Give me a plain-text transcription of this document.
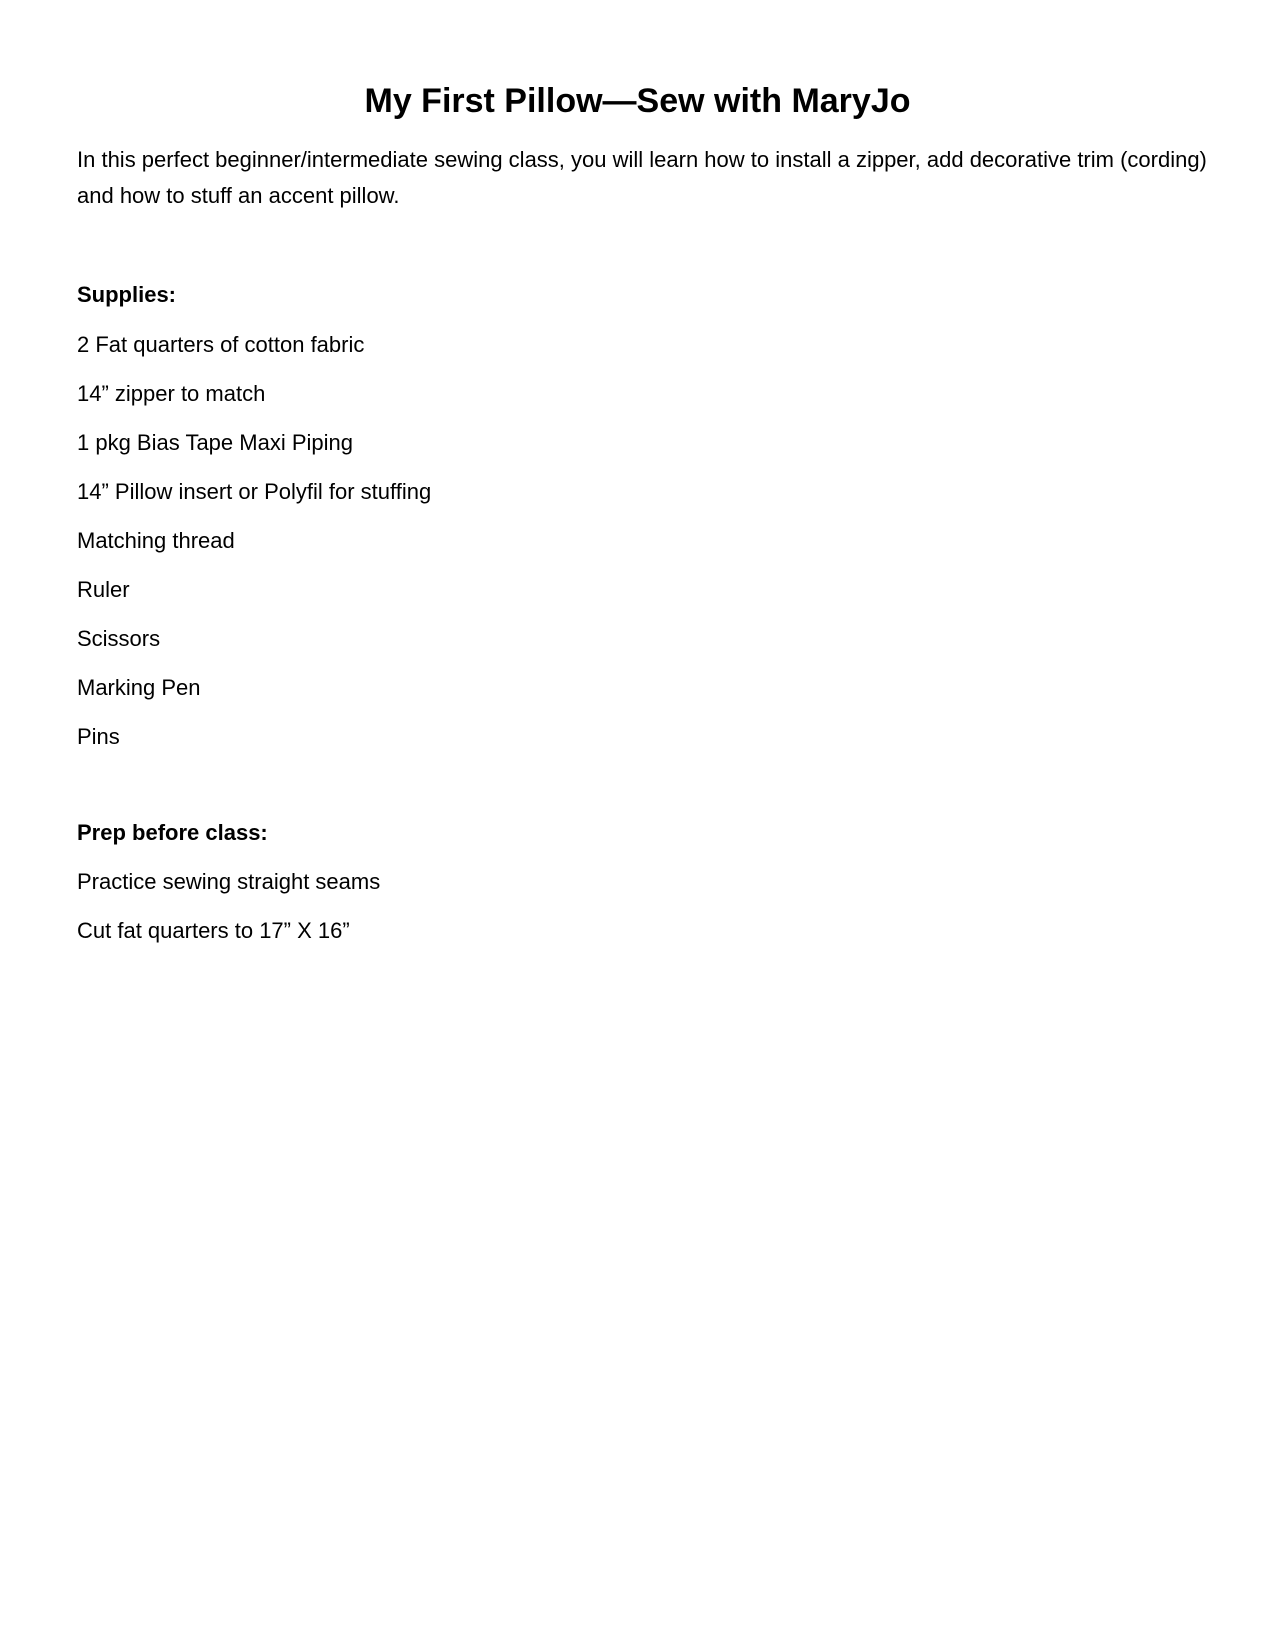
My First Pillow—Sew with MaryJo

In this perfect beginner/intermediate sewing class, you will learn how to install a zipper, add decorative trim (cording) and how to stuff an accent pillow.

Supplies:
2 Fat quarters of cotton fabric
14” zipper to match
1 pkg Bias Tape Maxi Piping
14” Pillow insert or Polyfil for stuffing
Matching thread
Ruler
Scissors
Marking Pen
Pins
Prep before class:
Practice sewing straight seams
Cut fat quarters to 17” X 16”
